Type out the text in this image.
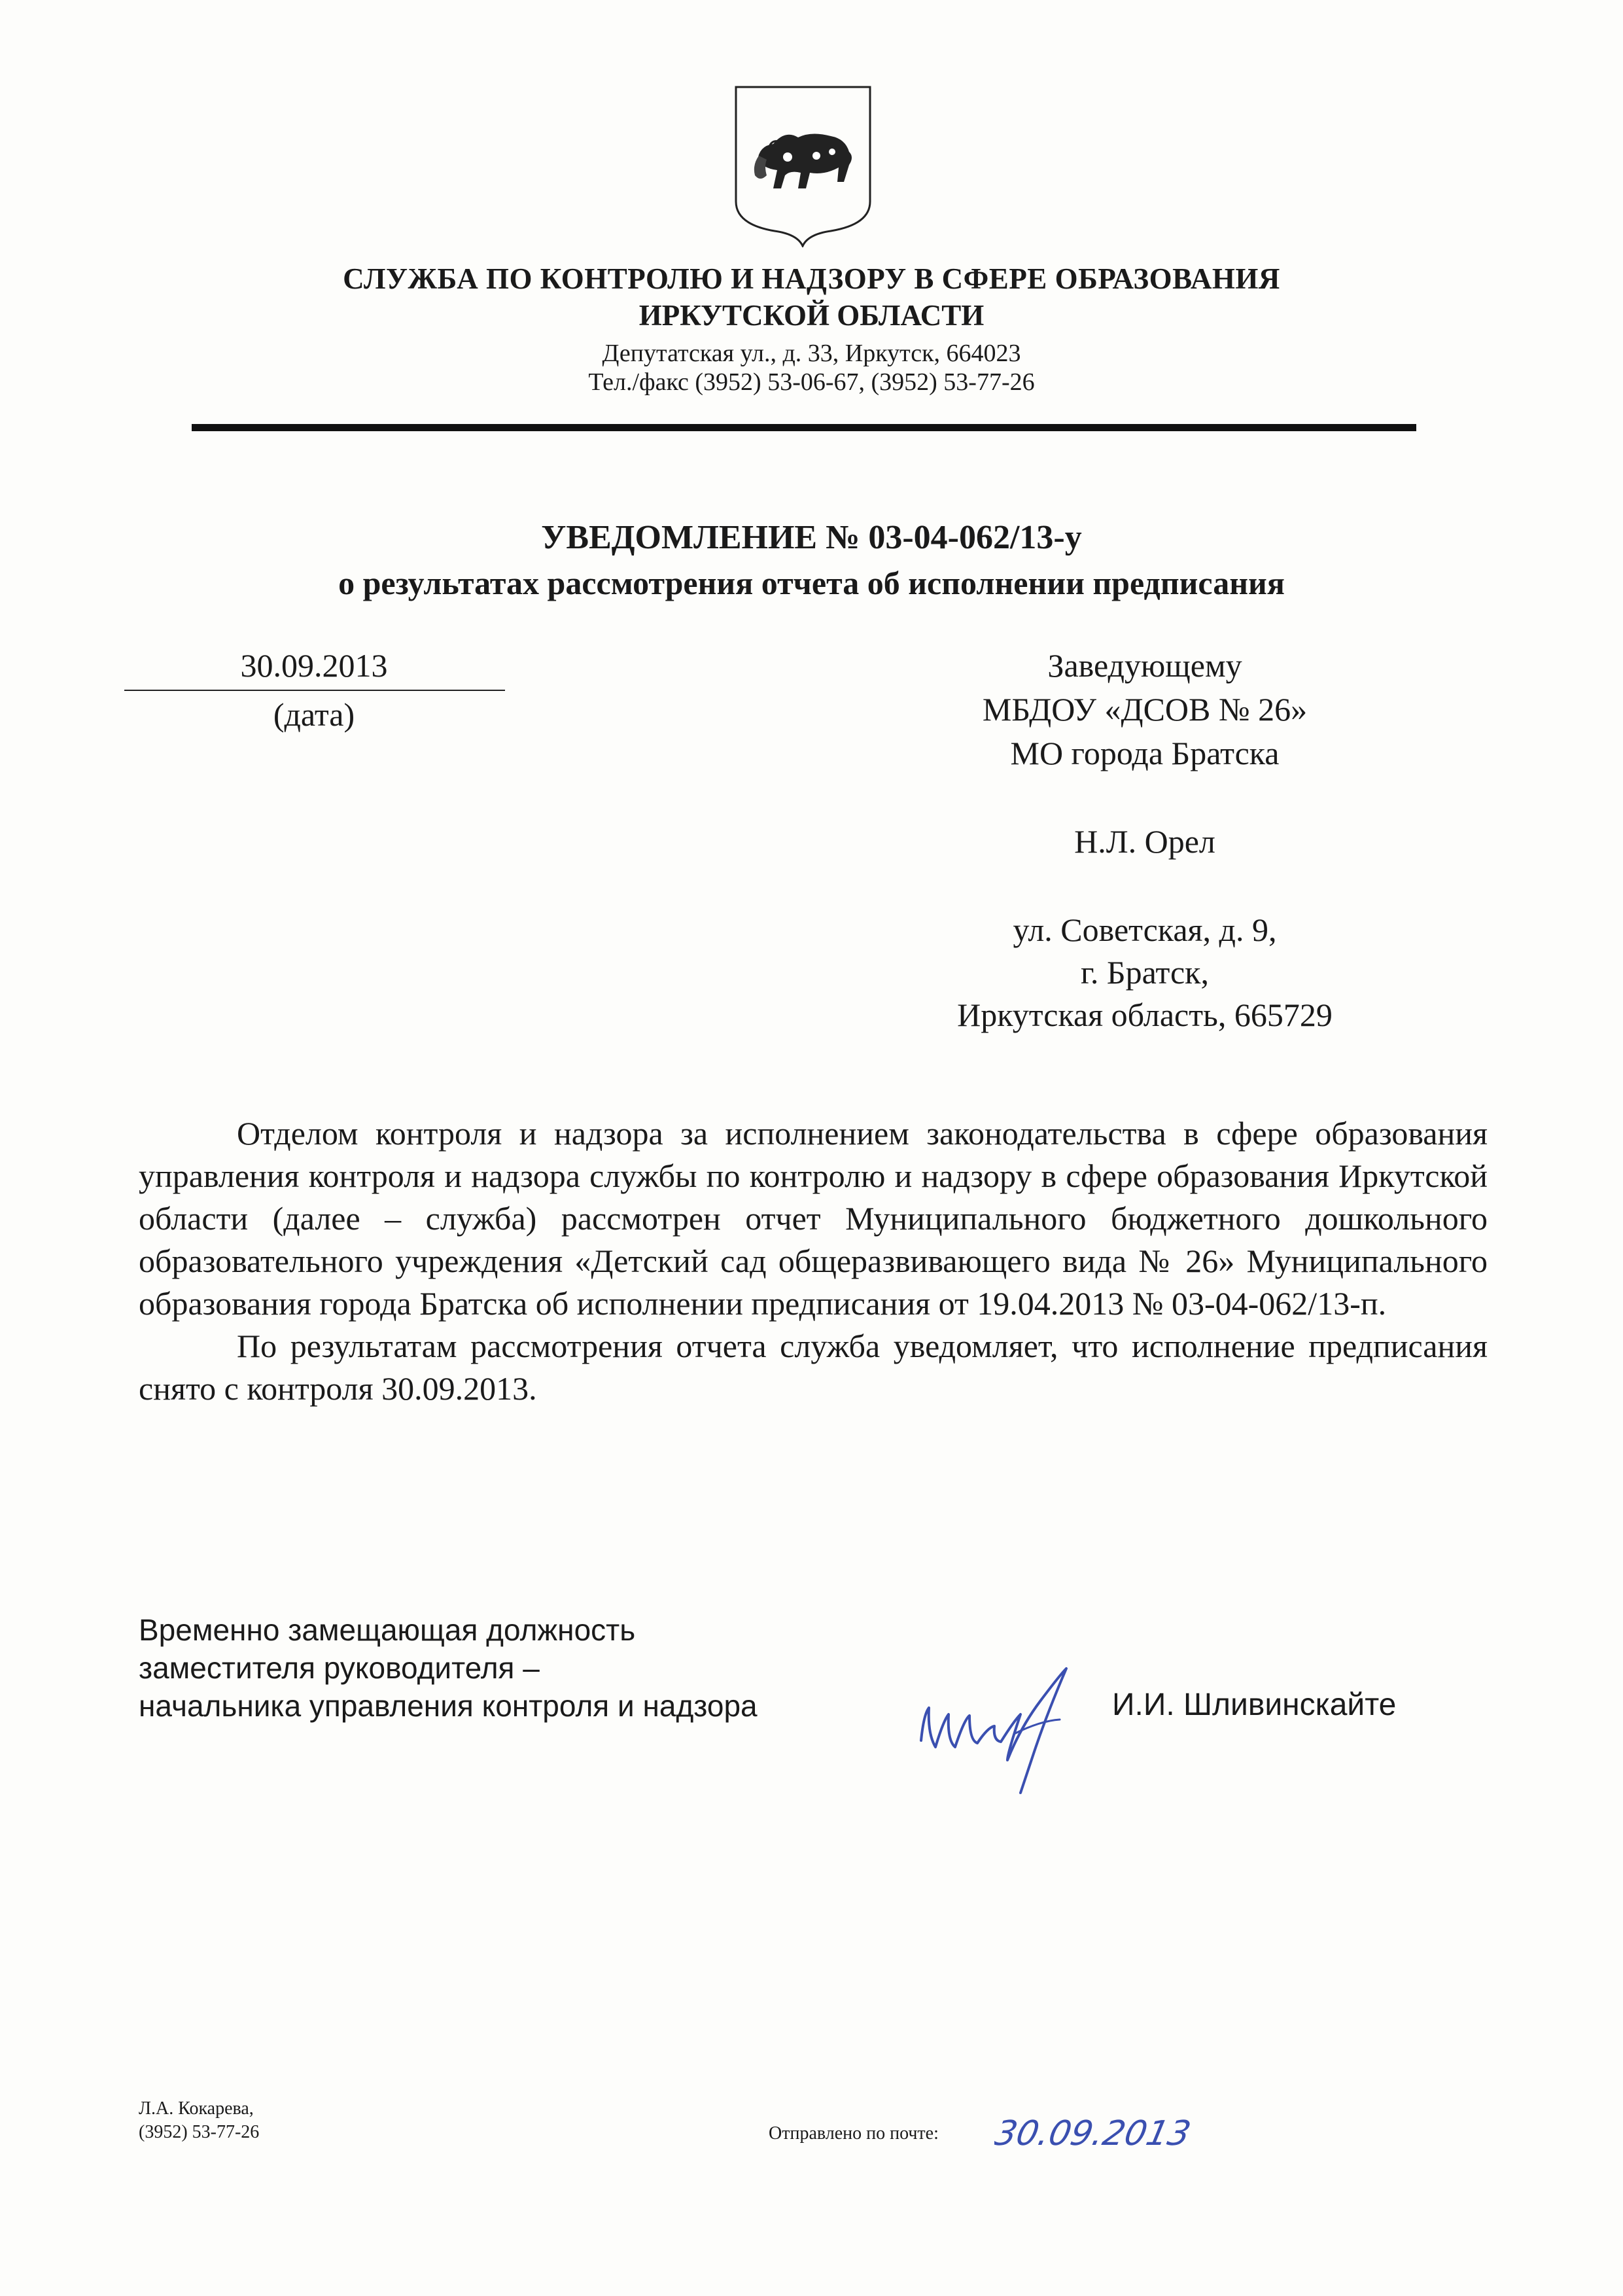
СЛУЖБА ПО КОНТРОЛЮ И НАДЗОРУ В СФЕРЕ ОБРАЗОВАНИЯ
ИРКУТСКОЙ ОБЛАСТИ
Депутатская ул., д. 33, Иркутск, 664023
Тел./факс (3952) 53-06-67, (3952) 53-77-26
УВЕДОМЛЕНИЕ № 03-04-062/13-у
о результатах рассмотрения отчета об исполнении предписания
30.09.2013
(дата)
Заведующему
МБДОУ «ДСОВ № 26»
МО города Братска
Н.Л. Орел
ул. Советская, д. 9,
г. Братск,
Иркутская область, 665729

Отделом контроля и надзора за исполнением законодательства в сфере образования управления контроля и надзора службы по контролю и надзору в сфере образования Иркутской области (далее – служба) рассмотрен отчет Муниципального бюджетного дошкольного образовательного учреждения «Детский сад общеразвивающего вида № 26» Муниципального образования города Братска об исполнении предписания от 19.04.2013 № 03-04-062/13-п.

По результатам рассмотрения отчета служба уведомляет, что исполнение предписания снято с контроля 30.09.2013.

Временно замещающая должность
заместителя руководителя –
начальника управления контроля и надзора	И.И. Шливинскайте
Л.А. Кокарева,
(3952) 53-77-26	Отправлено по почте: 30.09.2013
